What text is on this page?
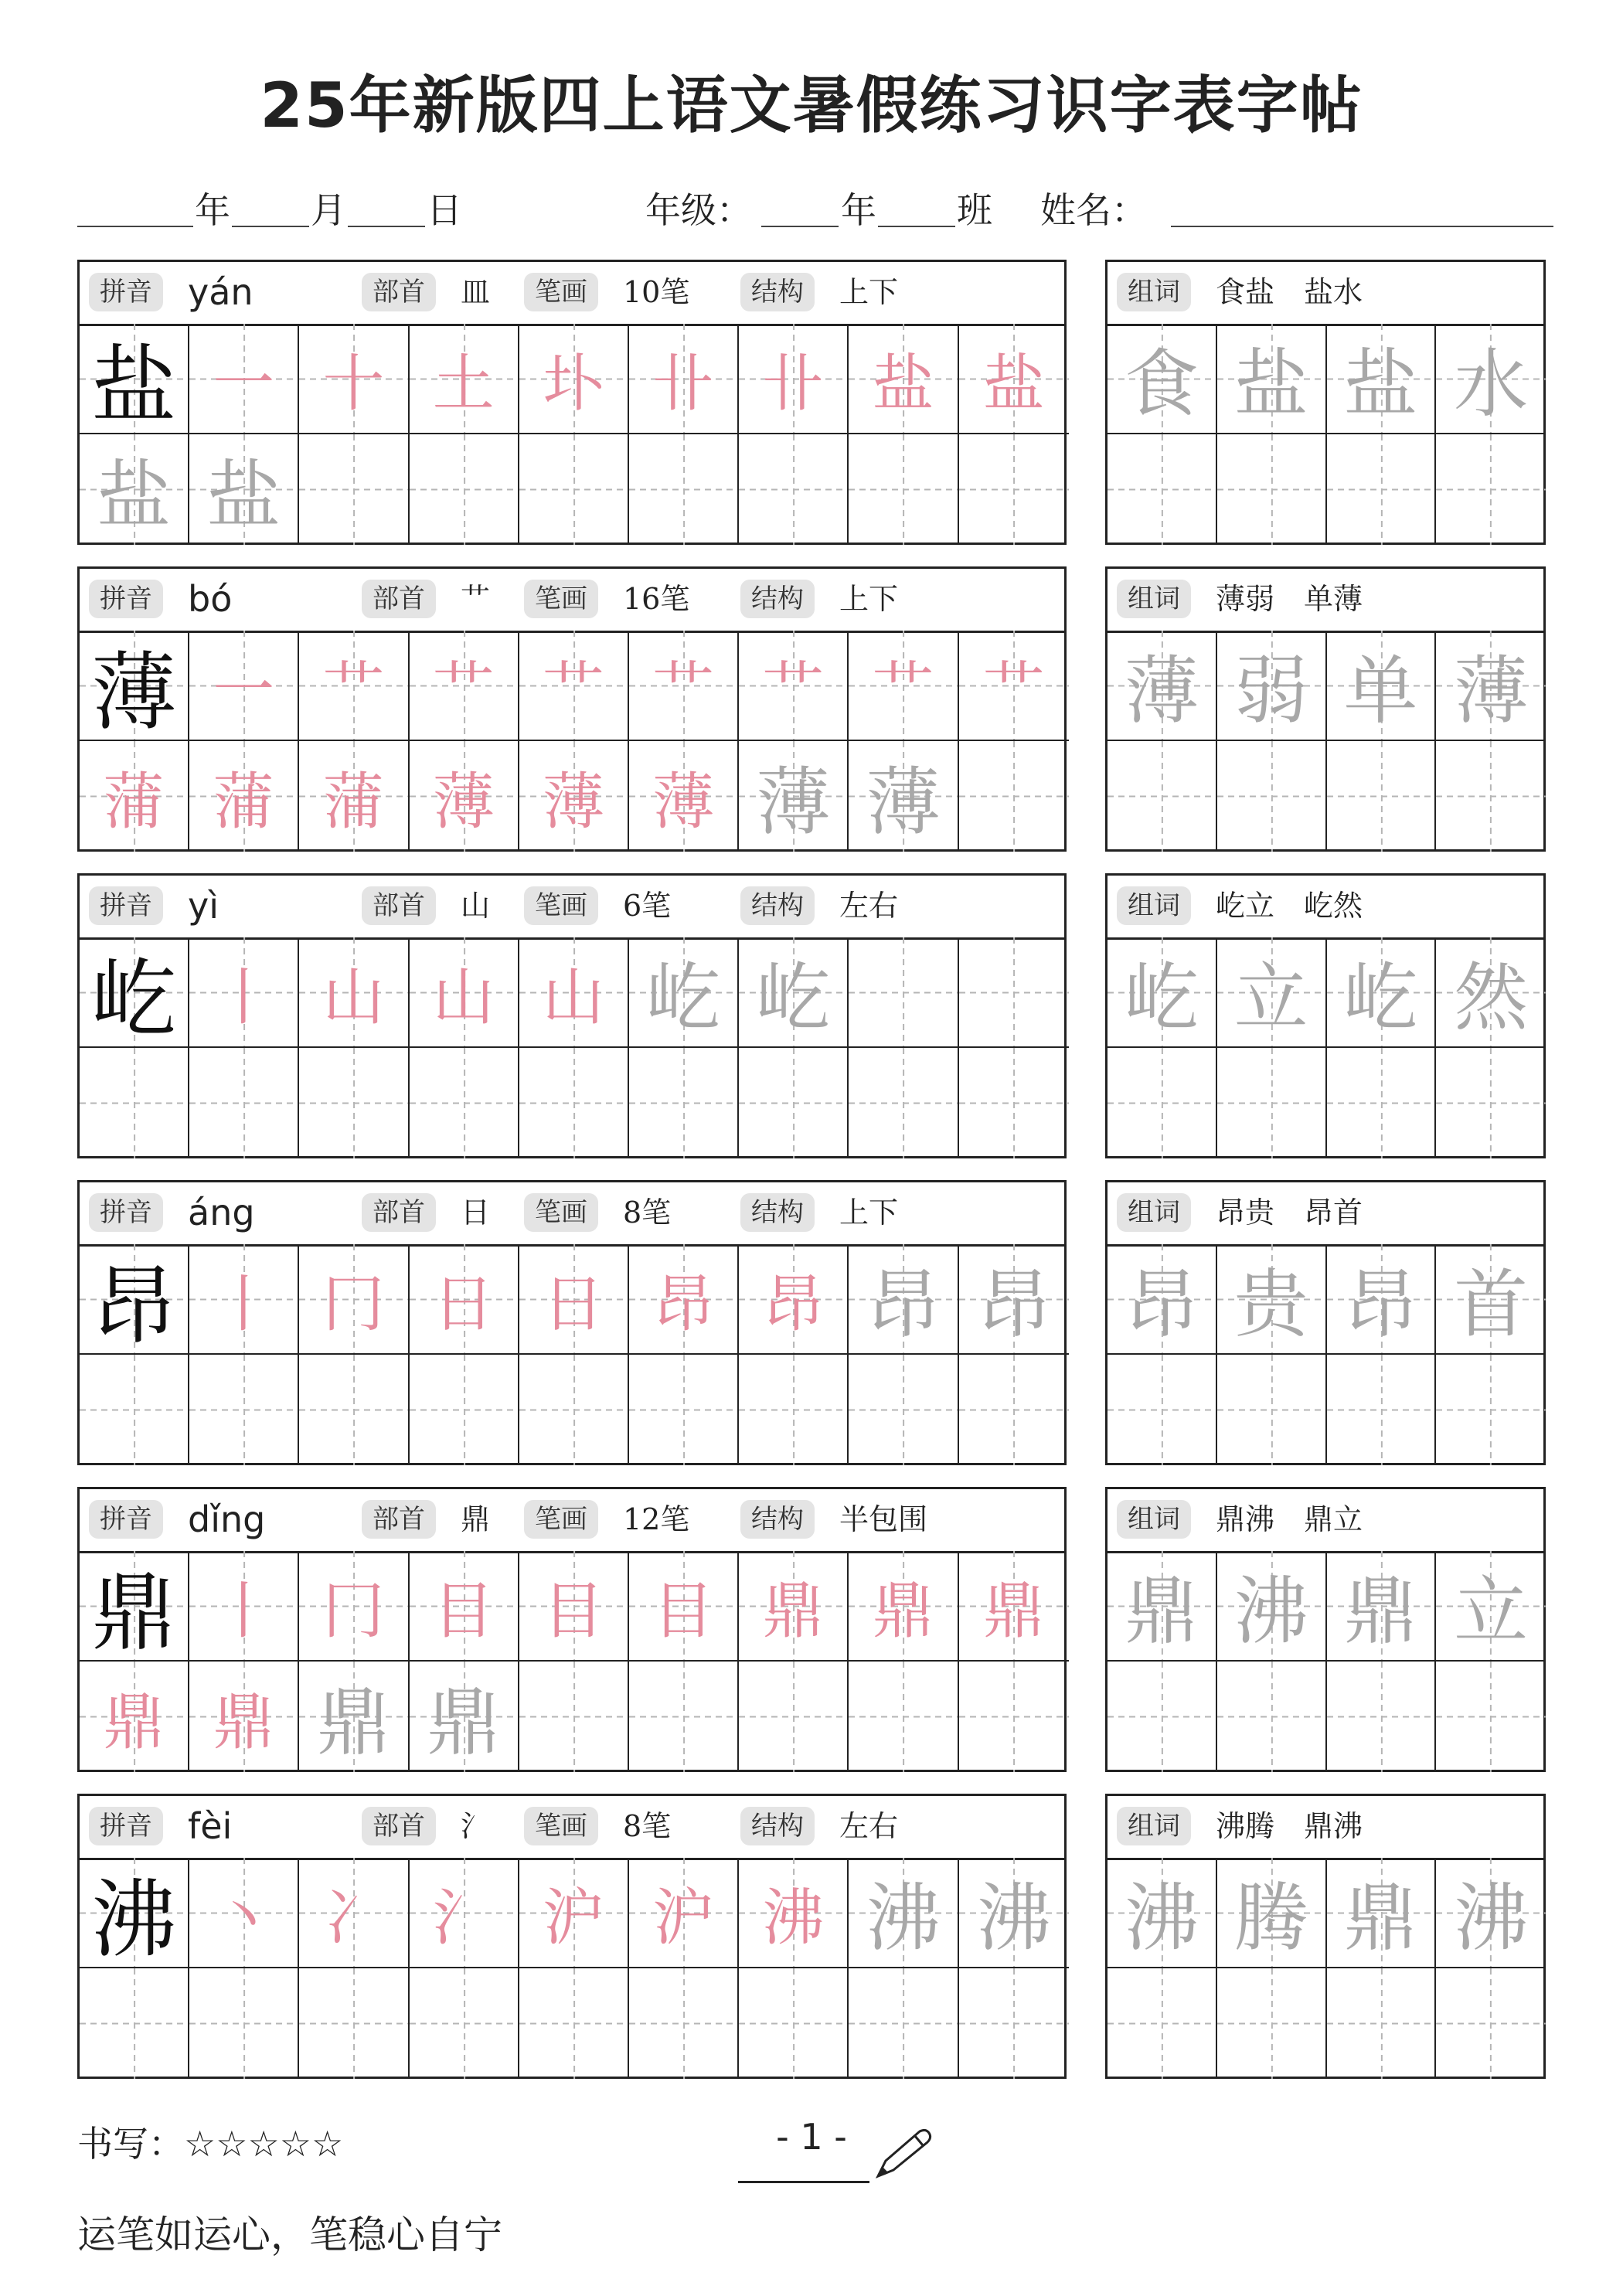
25年新版四上语文暑假练习识字表字帖
年 月 日	年级：	年 班 姓名：
拼音	部首	笔画	结构
yán	皿	10笔	上下
盐 一 十 土 圤 卝 卝 盐 盐
盐 盐
组词	食盐　盐水
食 盐 盐 水
拼音	部首	笔画	结构
bó	艹	16笔	上下
薄 一 艹 艹 艹 艹 艹 艹 艹
蒲 蒲 蒲 薄 薄 薄 薄 薄
组词	薄弱　单薄
薄 弱 单 薄
拼音	部首	笔画	结构
yì	山	6笔	左右
屹 丨 山 山 山 屹 屹
组词	屹立　屹然
屹 立 屹 然
拼音	部首	笔画	结构
áng	日	8笔	上下
昂 丨 冂 日 日 昂 昂 昂 昂
组词	昂贵　昂首
昂 贵 昂 首
拼音	部首	笔画	结构
dǐng	鼎	12笔	半包围
鼎 丨 冂 目 目 目 鼎 鼎 鼎
鼎 鼎 鼎 鼎
组词	鼎沸　鼎立
鼎 沸 鼎 立
拼音	部首	笔画	结构
fèi	氵	8笔	左右
沸 丶 冫 氵 沪 沪 沸 沸 沸
组词	沸腾　鼎沸
沸 腾 鼎 沸
书写：☆☆☆☆☆	- 1 -
运笔如运心，笔稳心自宁
